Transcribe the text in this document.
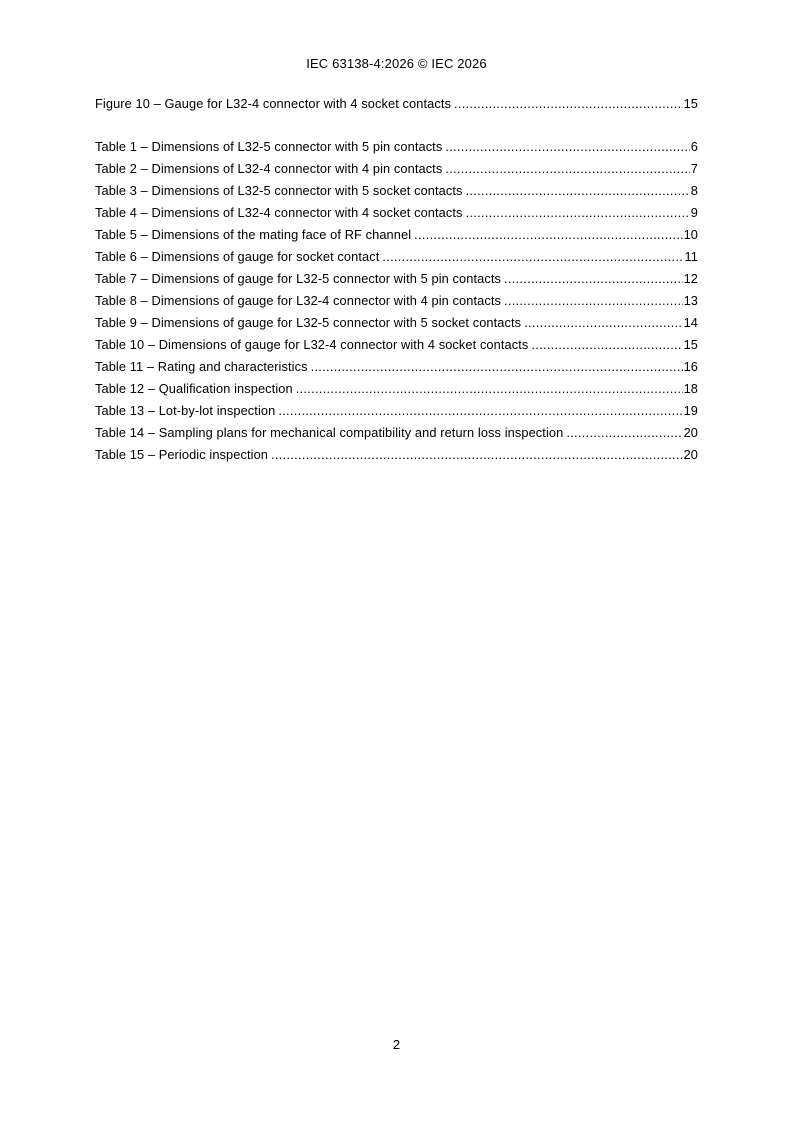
IEC 63138-4:2026 © IEC 2026
Figure 10 – Gauge for L32-4 connector with 4 socket contacts .....	15
Table 1 – Dimensions of L32-5 connector with 5 pin contacts .....	6
Table 2 – Dimensions of L32-4 connector with 4 pin contacts .....	7
Table 3 – Dimensions of L32-5 connector with 5 socket contacts .....	8
Table 4 – Dimensions of L32-4 connector with 4 socket contacts .....	9
Table 5 – Dimensions of the mating face of RF channel .....	10
Table 6 – Dimensions of gauge for socket contact .....	11
Table 7 – Dimensions of gauge for L32-5 connector with 5 pin contacts .....	12
Table 8 – Dimensions of gauge for L32-4 connector with 4 pin contacts .....	13
Table 9 – Dimensions of gauge for L32-5 connector with 5 socket contacts .....	14
Table 10 – Dimensions of gauge for L32-4 connector with 4 socket contacts .....	15
Table 11 – Rating and characteristics .....	16
Table 12 – Qualification inspection .....	18
Table 13 – Lot-by-lot inspection .....	19
Table 14 – Sampling plans for mechanical compatibility and return loss inspection .....	20
Table 15 – Periodic inspection .....	20
2
